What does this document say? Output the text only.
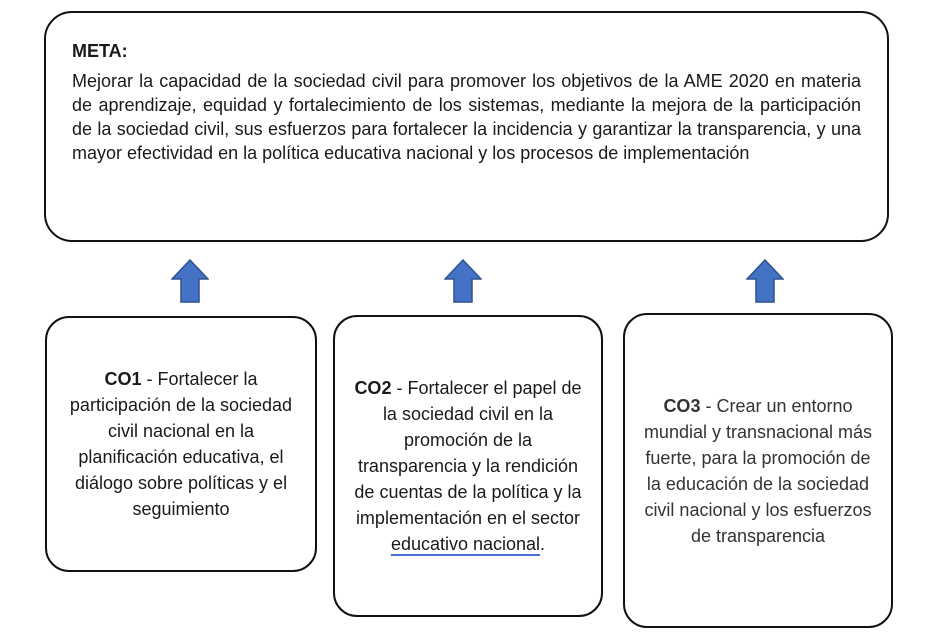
META:

Mejorar la capacidad de la sociedad civil para promover los objetivos de la AME 2020 en materia de aprendizaje, equidad y fortalecimiento de los sistemas, mediante la mejora de la participación de la sociedad civil, sus esfuerzos para fortalecer la incidencia y garantizar la transparencia, y una mayor efectividad en la política educativa nacional y los procesos de implementación

CO1 - Fortalecer la participación de la sociedad civil nacional en la planificación educativa, el diálogo sobre políticas y el seguimiento

CO2 - Fortalecer el papel de la sociedad civil en la promoción de la transparencia y la rendición de cuentas de la política y la implementación en el sector educativo nacional.

CO3 - Crear un entorno mundial y transnacional más fuerte, para la promoción de la educación de la sociedad civil nacional y los esfuerzos de transparencia
